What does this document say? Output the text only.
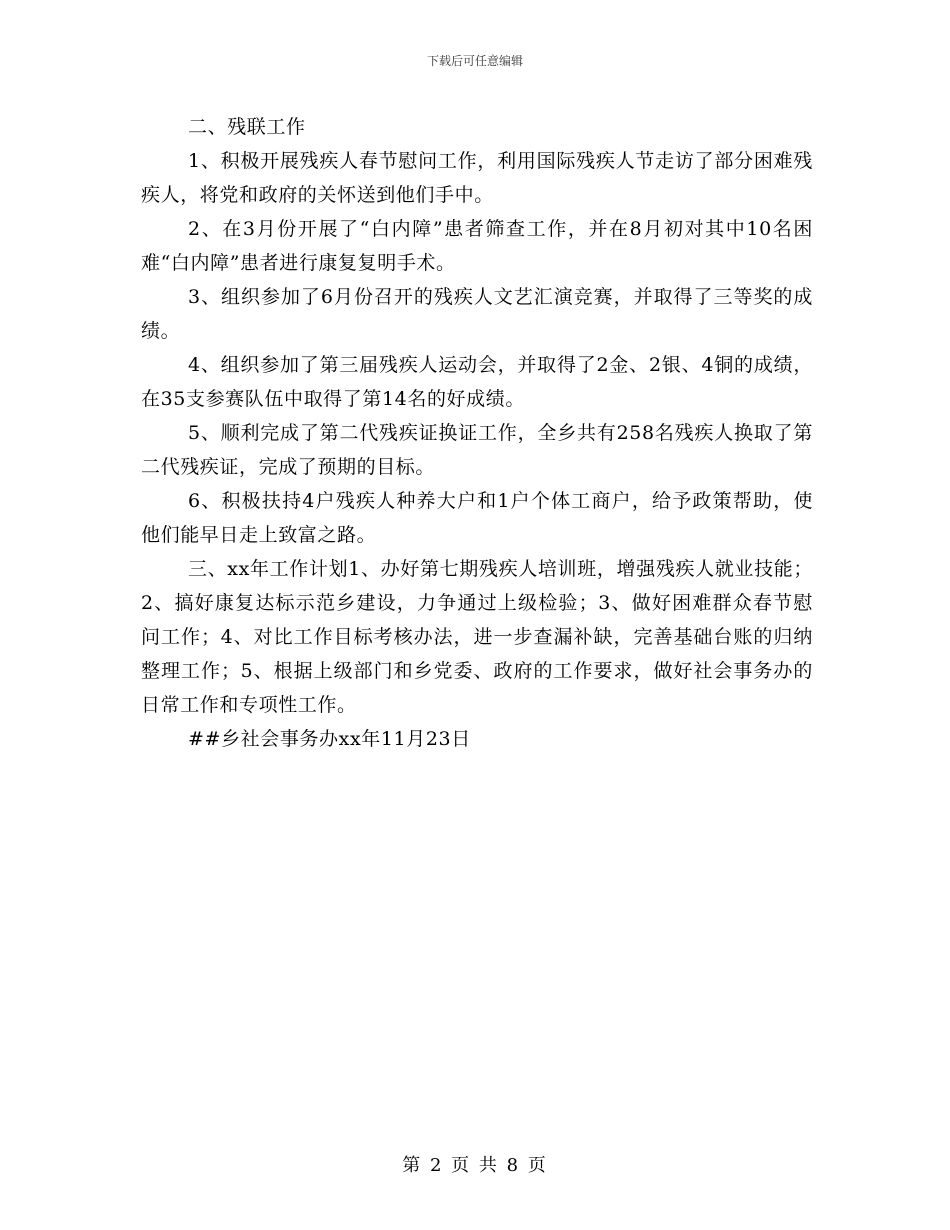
下载后可任意编辑

二、残联工作

1、积极开展残疾人春节慰问工作，利用国际残疾人节走访了部分困难残疾人，将党和政府的关怀送到他们手中。

2、在3月份开展了“白内障”患者筛查工作，并在8月初对其中10名困难“白内障”患者进行康复复明手术。

3、组织参加了6月份召开的残疾人文艺汇演竞赛，并取得了三等奖的成绩。

4、组织参加了第三届残疾人运动会，并取得了2金、2银、4铜的成绩，在35支参赛队伍中取得了第14名的好成绩。

5、顺利完成了第二代残疾证换证工作，全乡共有258名残疾人换取了第二代残疾证，完成了预期的目标。

6、积极扶持4户残疾人种养大户和1户个体工商户，给予政策帮助，使他们能早日走上致富之路。

三、xx年工作计划1、办好第七期残疾人培训班，增强残疾人就业技能；2、搞好康复达标示范乡建设，力争通过上级检验；3、做好困难群众春节慰问工作；4、对比工作目标考核办法，进一步查漏补缺，完善基础台账的归纳整理工作；5、根据上级部门和乡党委、政府的工作要求，做好社会事务办的日常工作和专项性工作。

##乡社会事务办xx年11月23日

第 2 页 共 8 页
